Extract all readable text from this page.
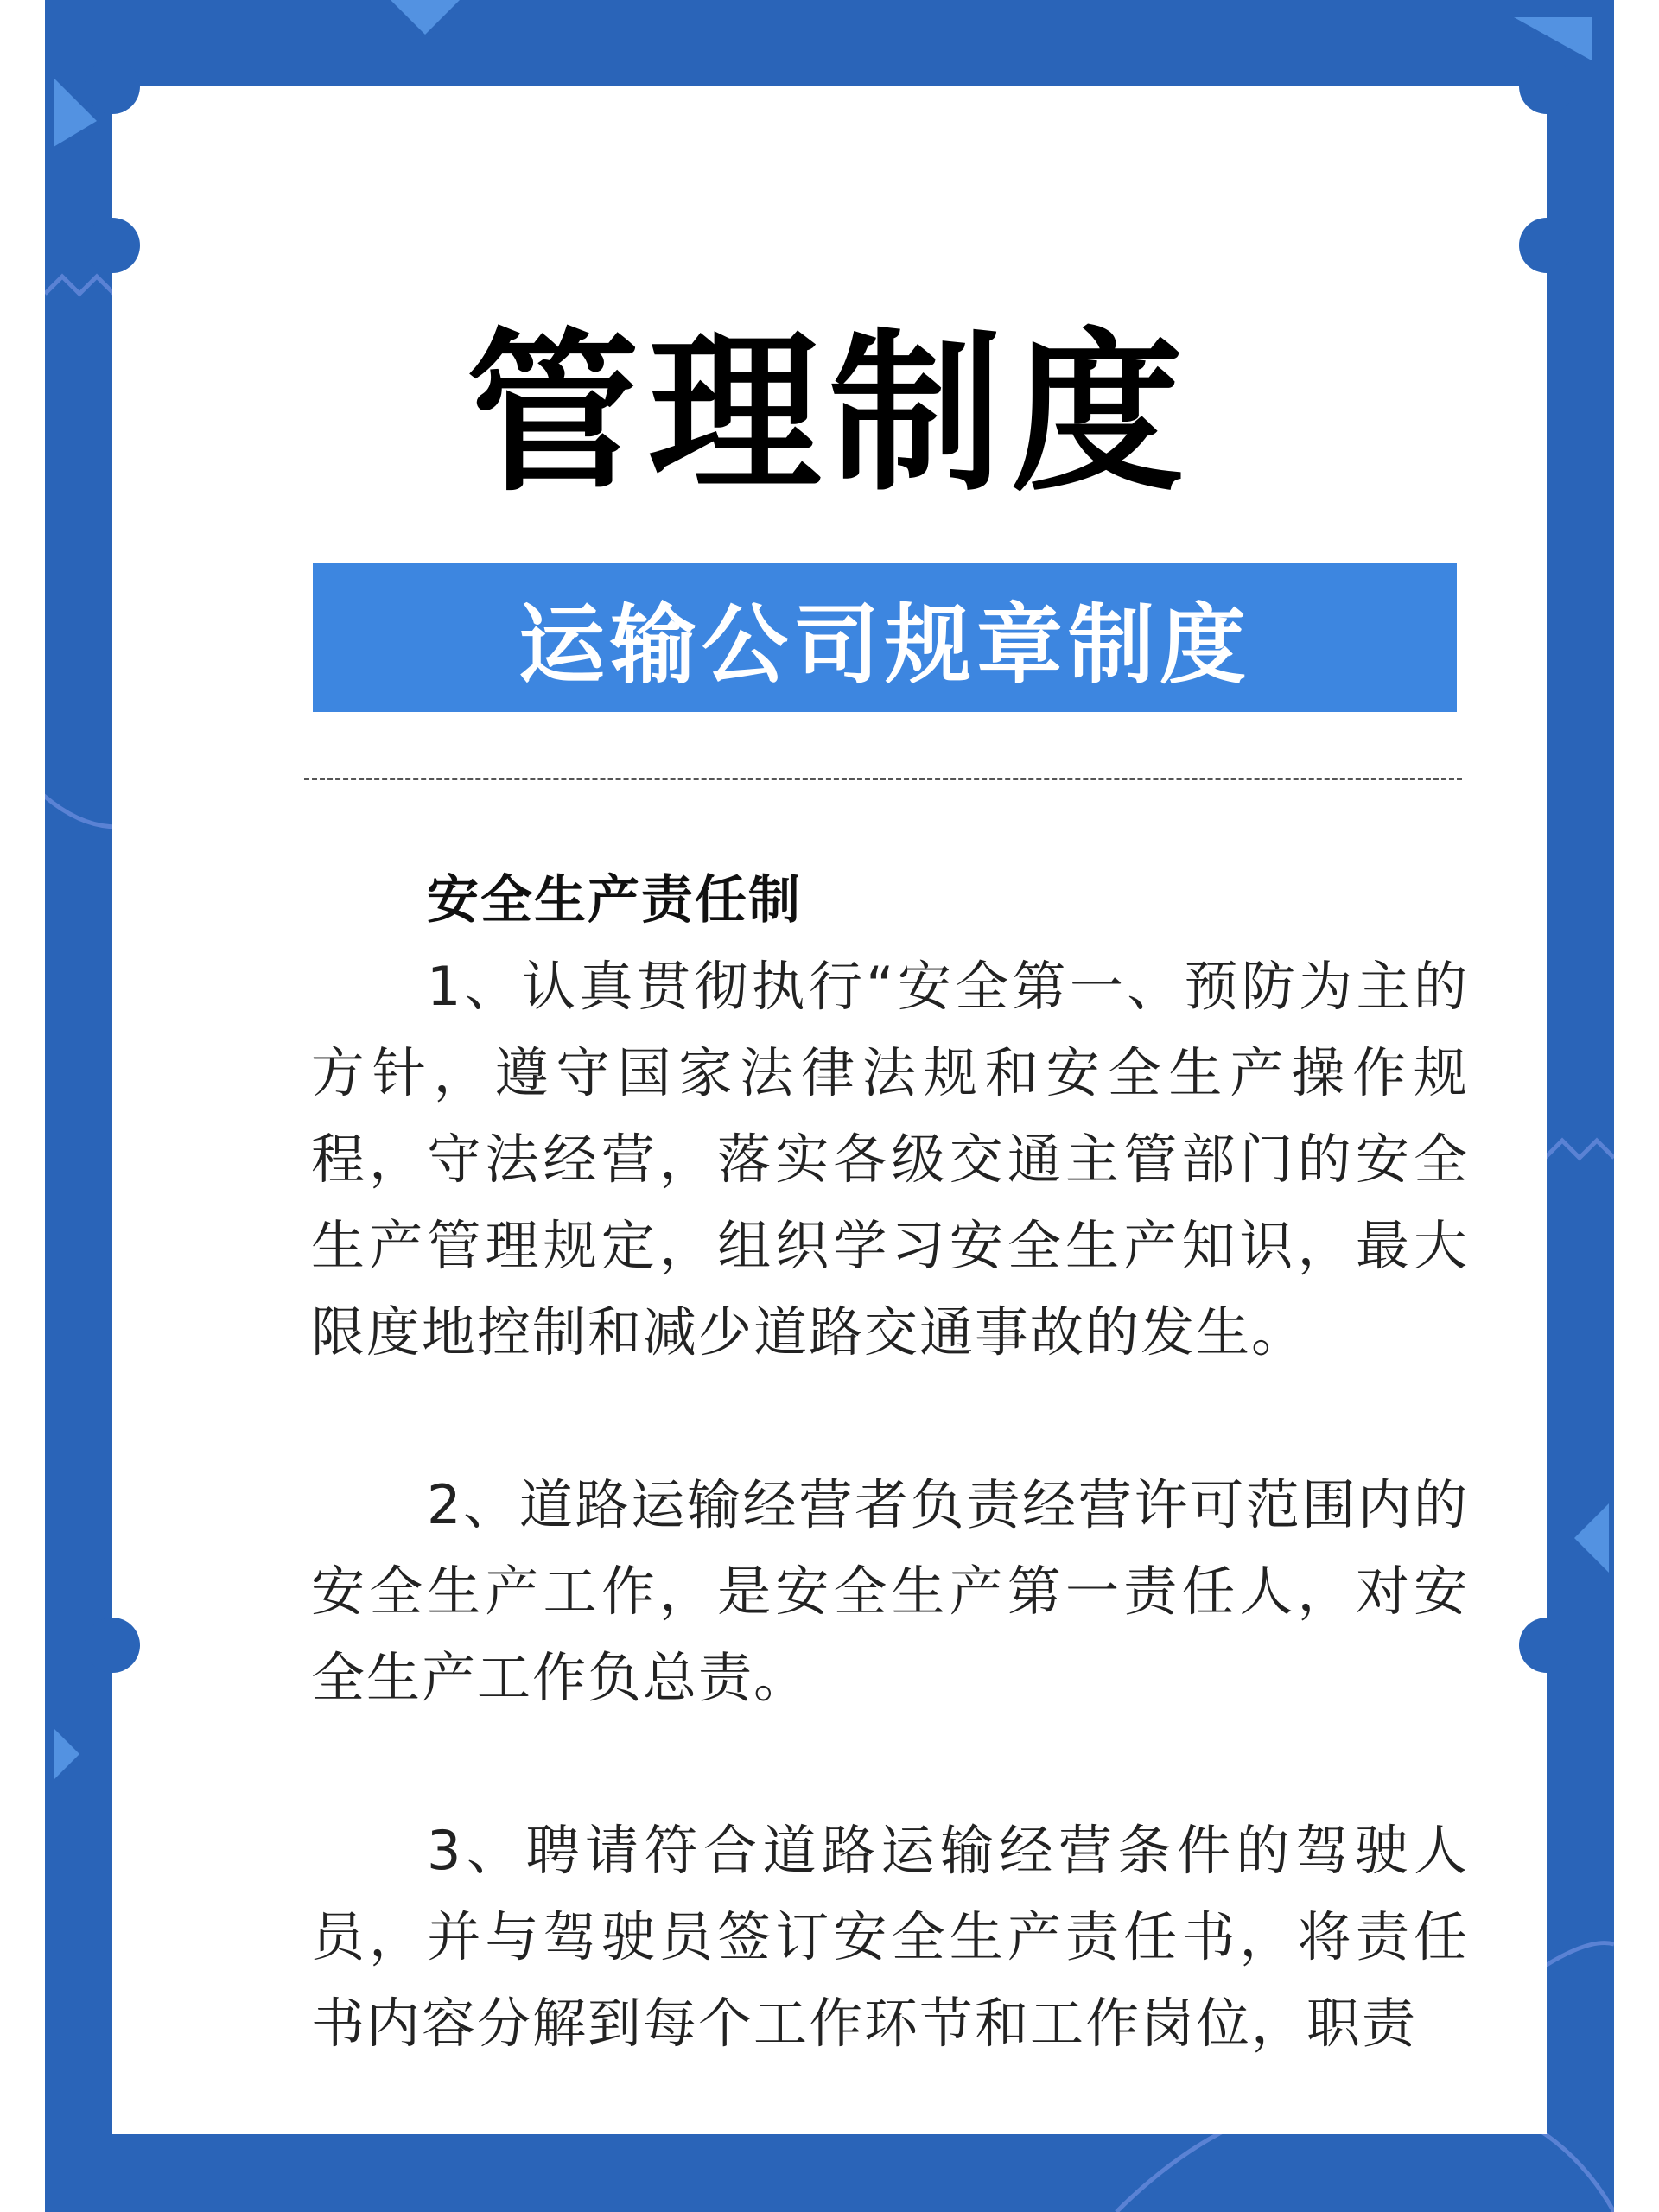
管理制度
运输公司规章制度

安全生产责任制

1、认真贯彻执行“安全第一、预防为主的方针，遵守国家法律法规和安全生产操作规程，守法经营，落实各级交通主管部门的安全生产管理规定，组织学习安全生产知识，最大限度地控制和减少道路交通事故的发生。

2、道路运输经营者负责经营许可范围内的安全生产工作，是安全生产第一责任人，对安全生产工作负总责。

3、聘请符合道路运输经营条件的驾驶人员，并与驾驶员签订安全生产责任书，将责任书内容分解到每个工作环节和工作岗位，职责
